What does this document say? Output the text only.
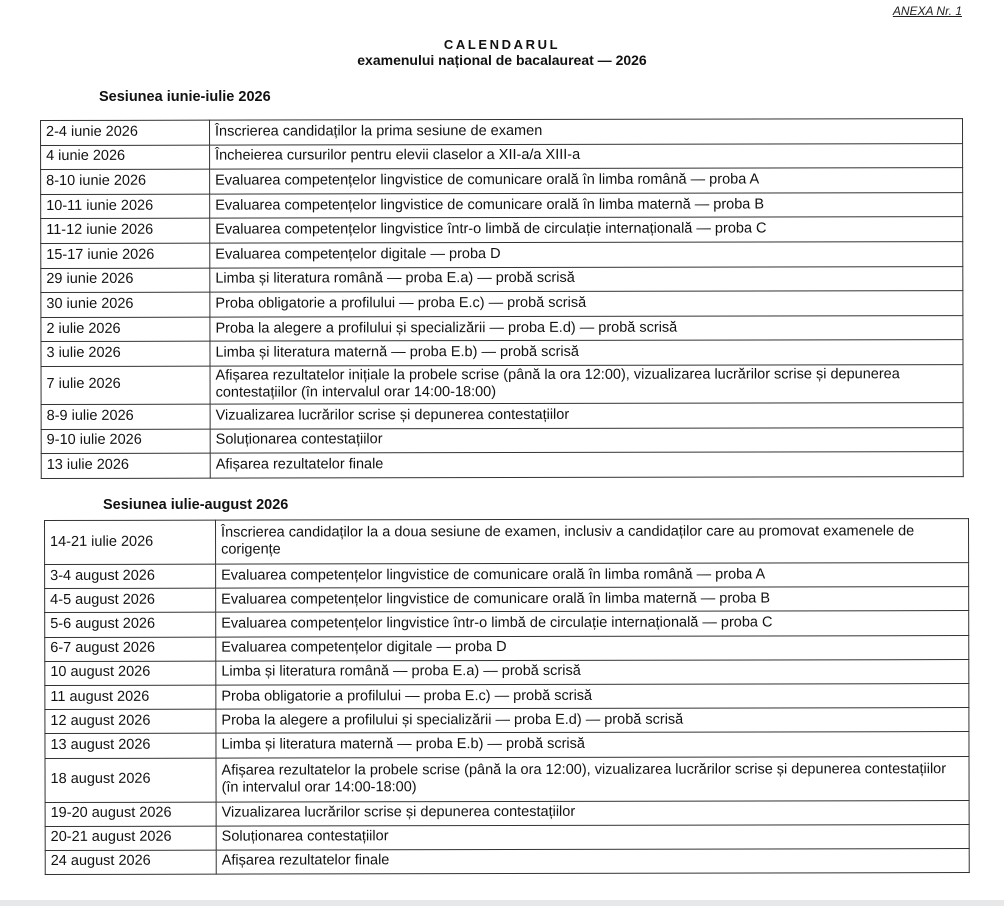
ANEXA Nr. 1
CALENDARUL
examenului național de bacalaureat — 2026
Sesiunea iunie-iulie 2026
2-4 iunie 2026	Înscrierea candidaților la prima sesiune de examen
4 iunie 2026	Încheierea cursurilor pentru elevii claselor a XII-a/a XIII-a
8-10 iunie 2026	Evaluarea competențelor lingvistice de comunicare orală în limba română — proba A
10-11 iunie 2026	Evaluarea competențelor lingvistice de comunicare orală în limba maternă — proba B
11-12 iunie 2026	Evaluarea competențelor lingvistice într-o limbă de circulație internațională — proba C
15-17 iunie 2026	Evaluarea competențelor digitale — proba D
29 iunie 2026	Limba și literatura română — proba E.a) — probă scrisă
30 iunie 2026	Proba obligatorie a profilului — proba E.c) — probă scrisă
2 iulie 2026	Proba la alegere a profilului și specializării — proba E.d) — probă scrisă
3 iulie 2026	Limba și literatura maternă — proba E.b) — probă scrisă
7 iulie 2026	Afișarea rezultatelor inițiale la probele scrise (până la ora 12:00), vizualizarea lucrărilor scrise și depunerea contestațiilor (în intervalul orar 14:00-18:00)
8-9 iulie 2026	Vizualizarea lucrărilor scrise și depunerea contestațiilor
9-10 iulie 2026	Soluționarea contestațiilor
13 iulie 2026	Afișarea rezultatelor finale
Sesiunea iulie-august 2026
14-21 iulie 2026	Înscrierea candidaților la a doua sesiune de examen, inclusiv a candidaților care au promovat examenele de corigențe
3-4 august 2026	Evaluarea competențelor lingvistice de comunicare orală în limba română — proba A
4-5 august 2026	Evaluarea competențelor lingvistice de comunicare orală în limba maternă — proba B
5-6 august 2026	Evaluarea competențelor lingvistice într-o limbă de circulație internațională — proba C
6-7 august 2026	Evaluarea competențelor digitale — proba D
10 august 2026	Limba și literatura română — proba E.a) — probă scrisă
11 august 2026	Proba obligatorie a profilului — proba E.c) — probă scrisă
12 august 2026	Proba la alegere a profilului și specializării — proba E.d) — probă scrisă
13 august 2026	Limba și literatura maternă — proba E.b) — probă scrisă
18 august 2026	Afișarea rezultatelor la probele scrise (până la ora 12:00), vizualizarea lucrărilor scrise și depunerea contestațiilor (în intervalul orar 14:00-18:00)
19-20 august 2026	Vizualizarea lucrărilor scrise și depunerea contestațiilor
20-21 august 2026	Soluționarea contestațiilor
24 august 2026	Afișarea rezultatelor finale
